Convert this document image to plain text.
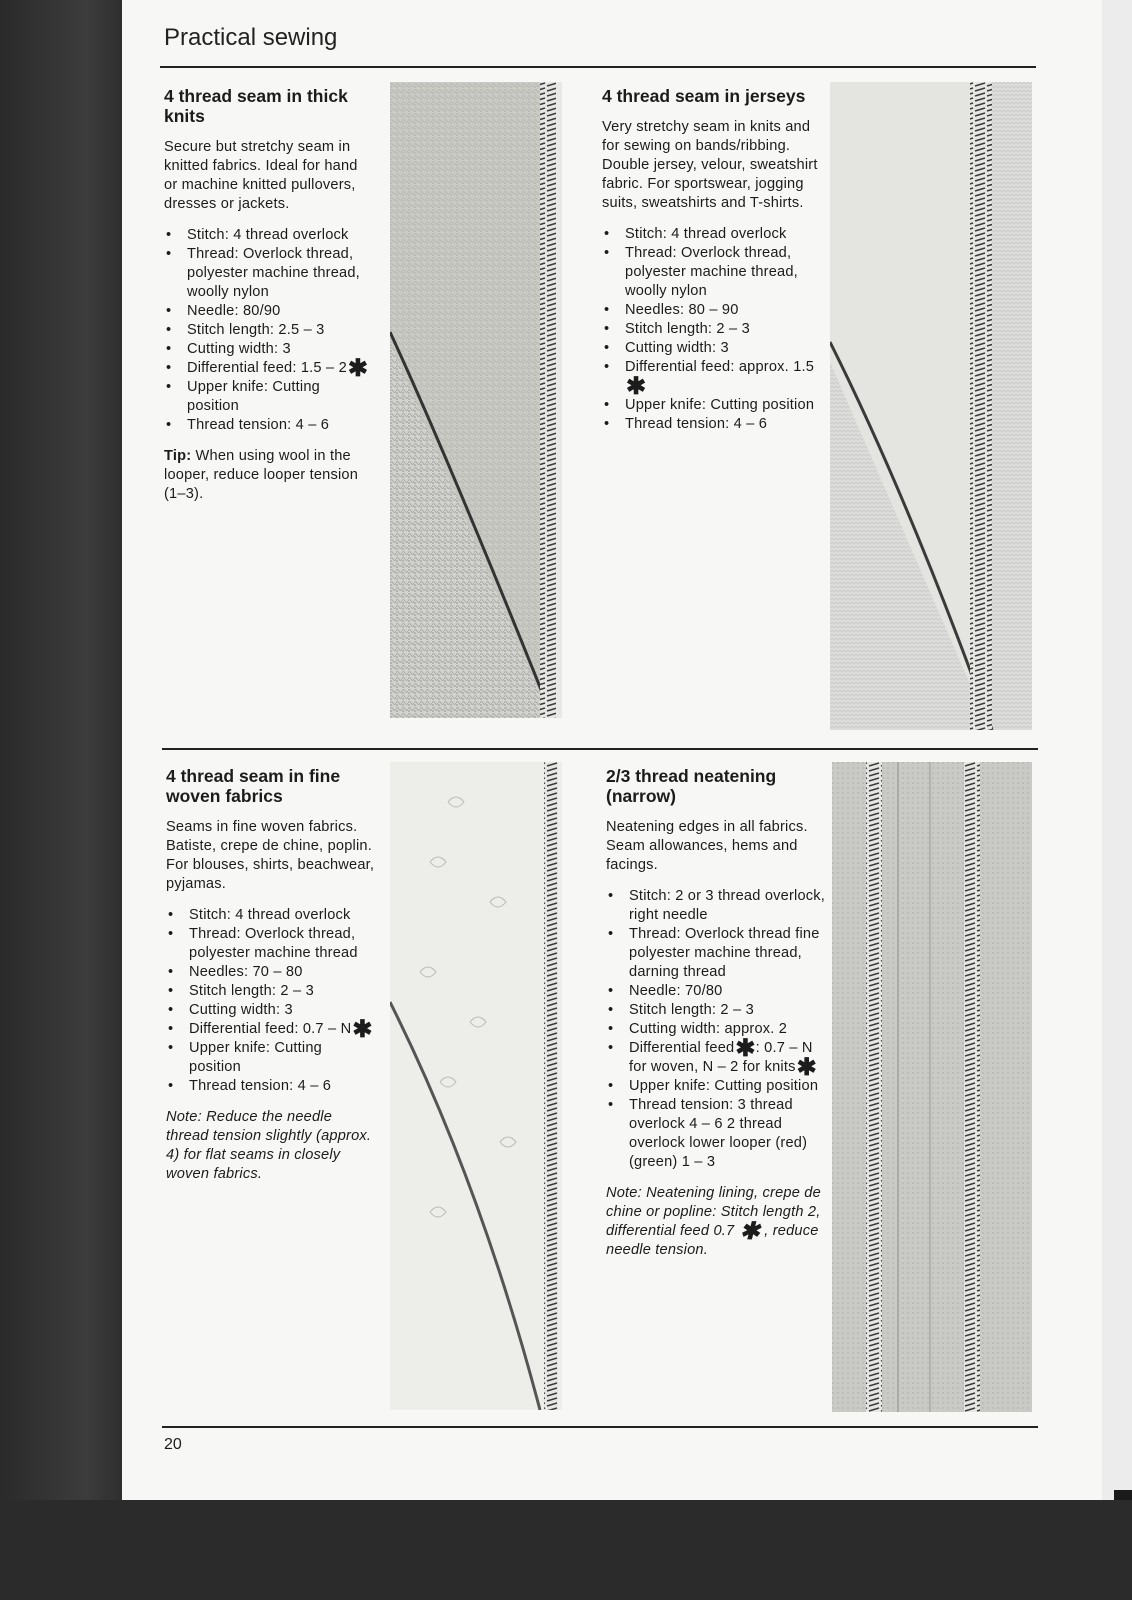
Practical sewing
4 thread seam in thick knits
Secure but stretchy seam in knitted fabrics. Ideal for hand or machine knitted pullovers, dresses or jackets.
• Stitch: 4 thread overlock
• Thread: Overlock thread, polyester machine thread, woolly nylon
• Needle: 80/90
• Stitch length: 2.5 – 3
• Cutting width: 3
• Differential feed: 1.5 – 2✱
• Upper knife: Cutting position
• Thread tension: 4 – 6

Tip: When using wool in the looper, reduce looper tension (1–3).

4 thread seam in jerseys
Very stretchy seam in knits and for sewing on bands/ribbing. Double jersey, velour, sweatshirt fabric. For sportswear, jogging suits, sweatshirts and T-shirts.
• Stitch: 4 thread overlock
• Thread: Overlock thread, polyester machine thread, woolly nylon
• Needles: 80 – 90
• Stitch length: 2 – 3
• Cutting width: 3
• Differential feed: approx. 1.5✱
• Upper knife: Cutting position
• Thread tension: 4 – 6
4 thread seam in fine woven fabrics
Seams in fine woven fabrics. Batiste, crepe de chine, poplin. For blouses, shirts, beachwear, pyjamas.
• Stitch: 4 thread overlock
• Thread: Overlock thread, polyester machine thread
• Needles: 70 – 80
• Stitch length: 2 – 3
• Cutting width: 3
• Differential feed: 0.7 – N✱
• Upper knife: Cutting position
• Thread tension: 4 – 6

Note: Reduce the needle thread tension slightly (approx. 4) for flat seams in closely woven fabrics.

2/3 thread neatening (narrow)
Neatening edges in all fabrics. Seam allowances, hems and facings.
• Stitch: 2 or 3 thread overlock, right needle
• Thread: Overlock thread fine polyester machine thread, darning thread
• Needle: 70/80
• Stitch length: 2 – 3
• Cutting width: approx. 2
• Differential feed✱: 0.7 – N for woven, N – 2 for knits✱
• Upper knife: Cutting position
• Thread tension: 3 thread overlock 4 – 6 2 thread overlock lower looper (red) (green) 1 – 3

Note: Neatening lining, crepe de chine or popline: Stitch length 2, differential feed 0.7 ✱ , reduce needle tension.

20
